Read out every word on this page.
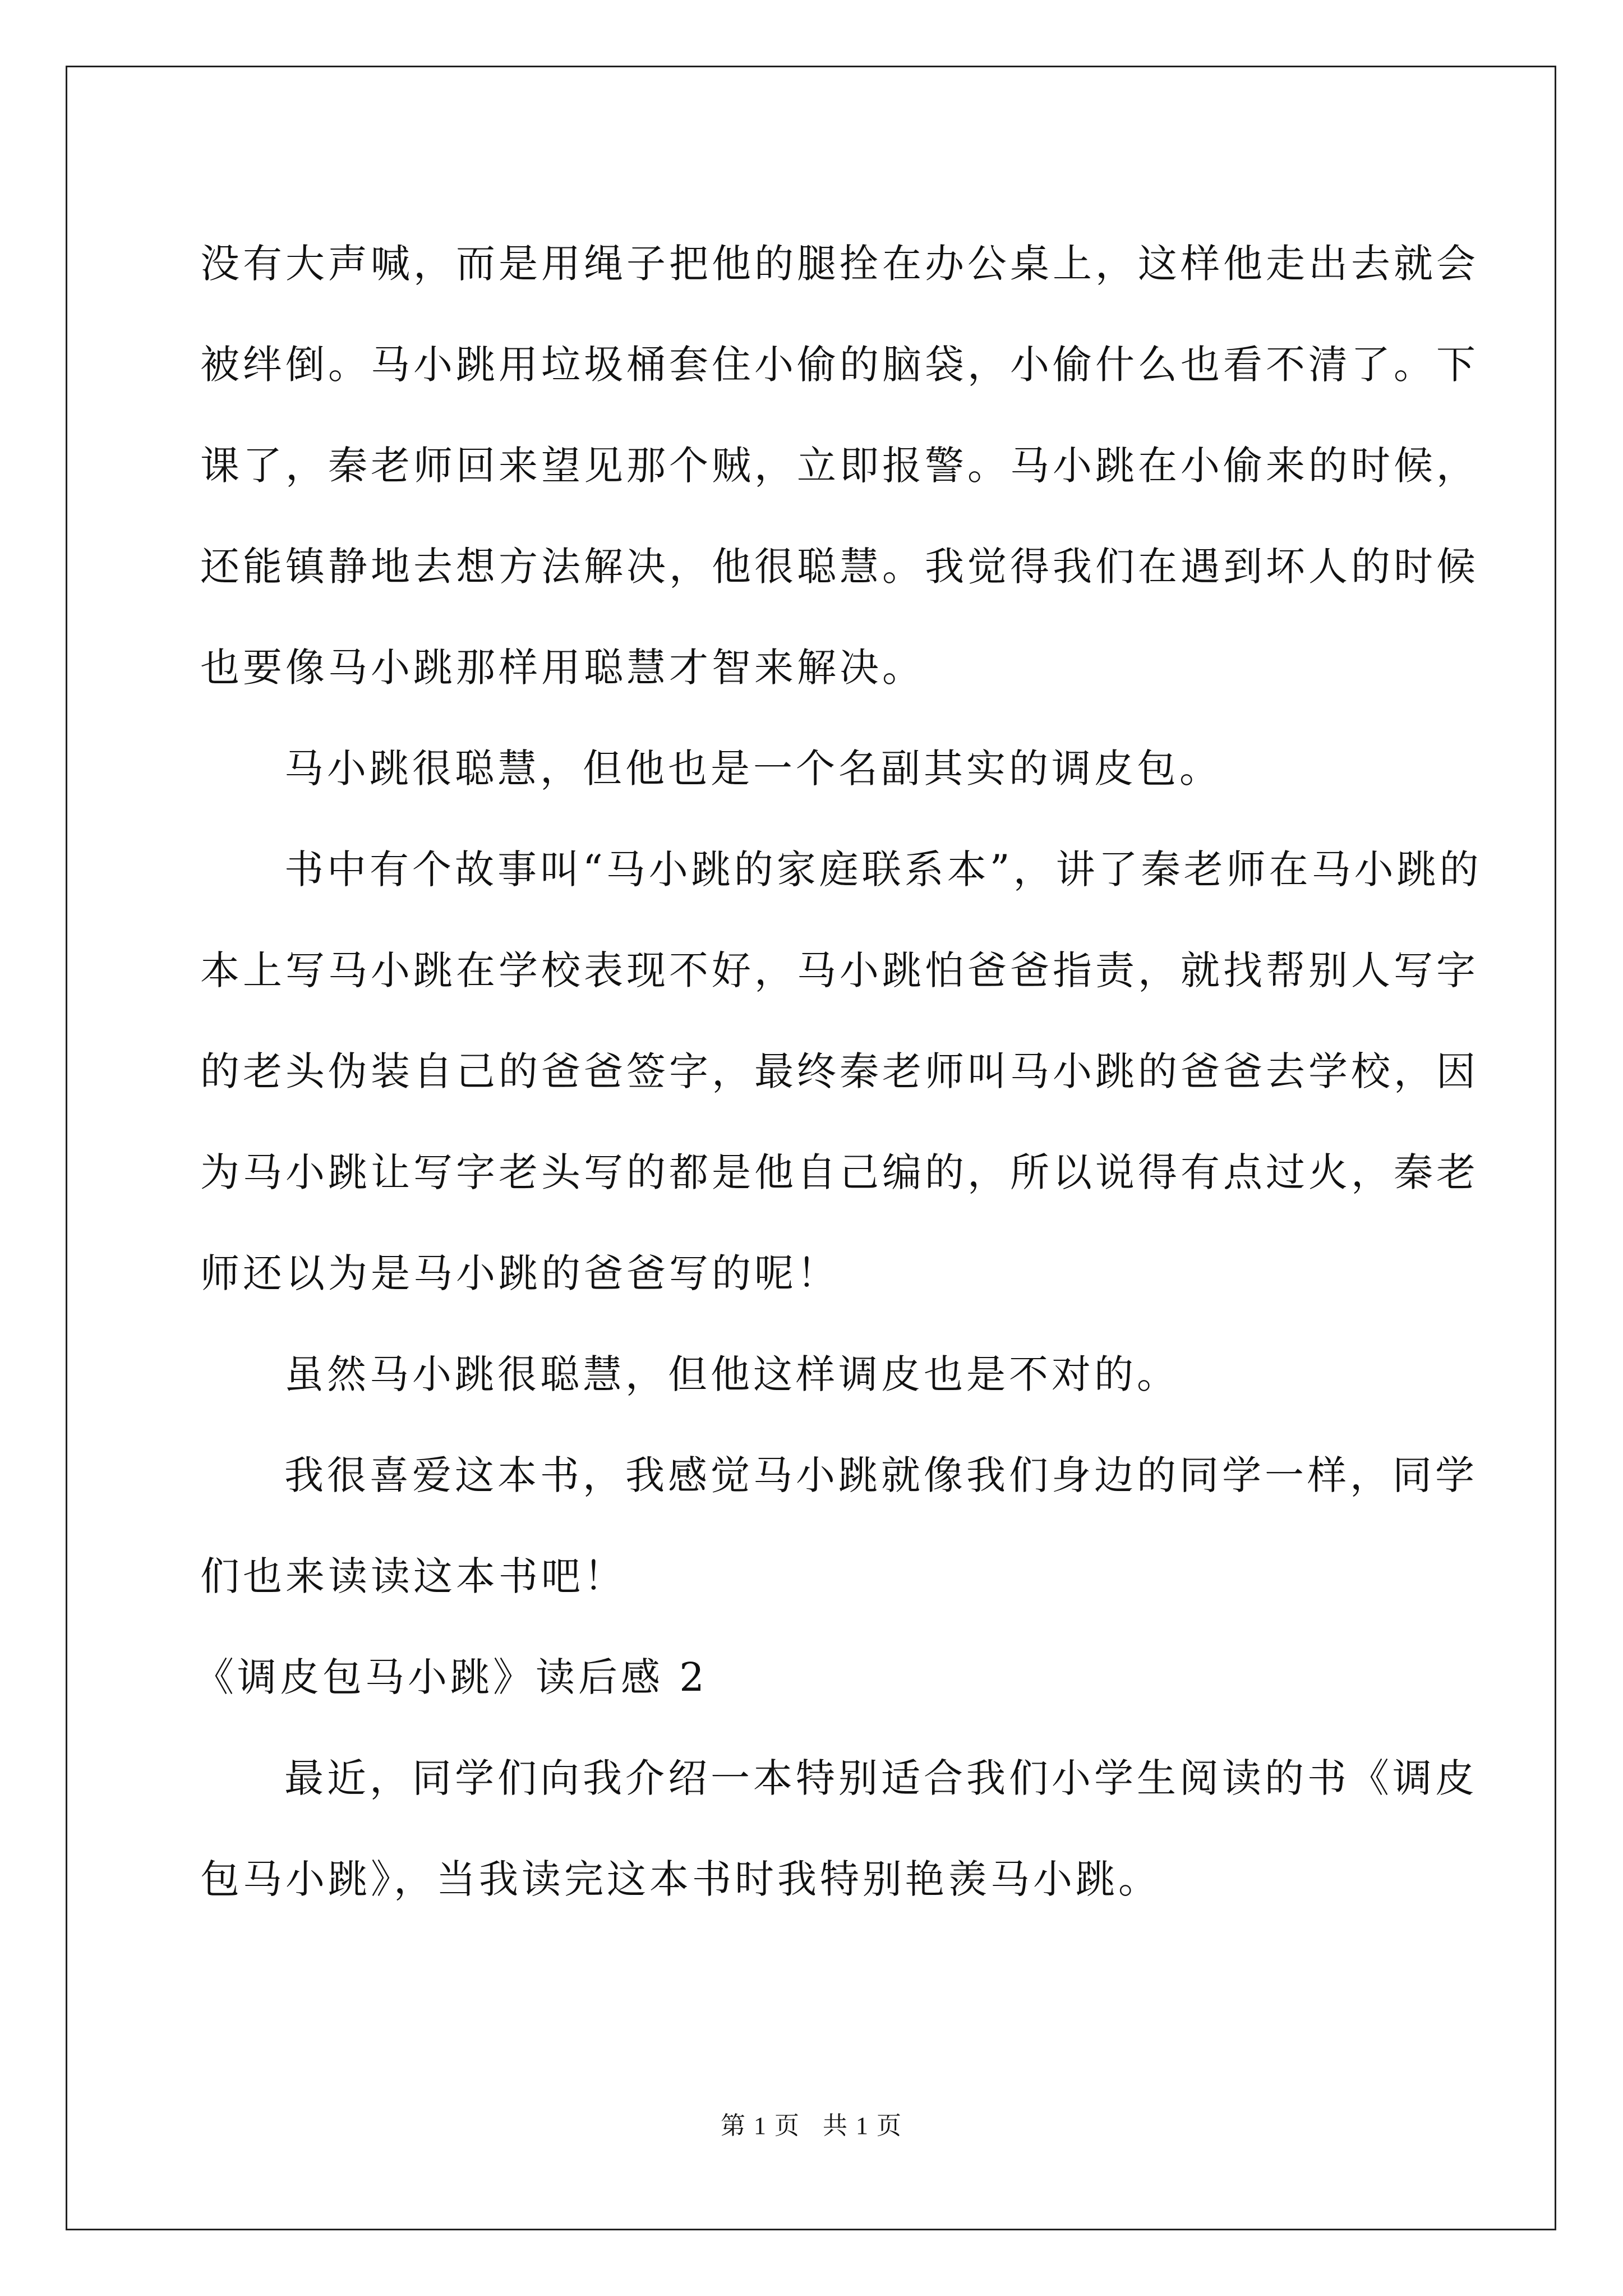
没有大声喊，而是用绳子把他的腿拴在办公桌上，这样他走出去就会
被绊倒。马小跳用垃圾桶套住小偷的脑袋，小偷什么也看不清了。下
课了，秦老师回来望见那个贼，立即报警。马小跳在小偷来的时候，
还能镇静地去想方法解决，他很聪慧。我觉得我们在遇到坏人的时候
也要像马小跳那样用聪慧才智来解决。
马小跳很聪慧，但他也是一个名副其实的调皮包。
书中有个故事叫“马小跳的家庭联系本”，讲了秦老师在马小跳的
本上写马小跳在学校表现不好，马小跳怕爸爸指责，就找帮别人写字
的老头伪装自己的爸爸签字，最终秦老师叫马小跳的爸爸去学校，因
为马小跳让写字老头写的都是他自己编的，所以说得有点过火，秦老
师还以为是马小跳的爸爸写的呢！
虽然马小跳很聪慧，但他这样调皮也是不对的。
我很喜爱这本书，我感觉马小跳就像我们身边的同学一样，同学
们也来读读这本书吧！
《调皮包马小跳》读后感 2
最近，同学们向我介绍一本特别适合我们小学生阅读的书《调皮
包马小跳》，当我读完这本书时我特别艳羡马小跳。
第 1 页 共 1 页
